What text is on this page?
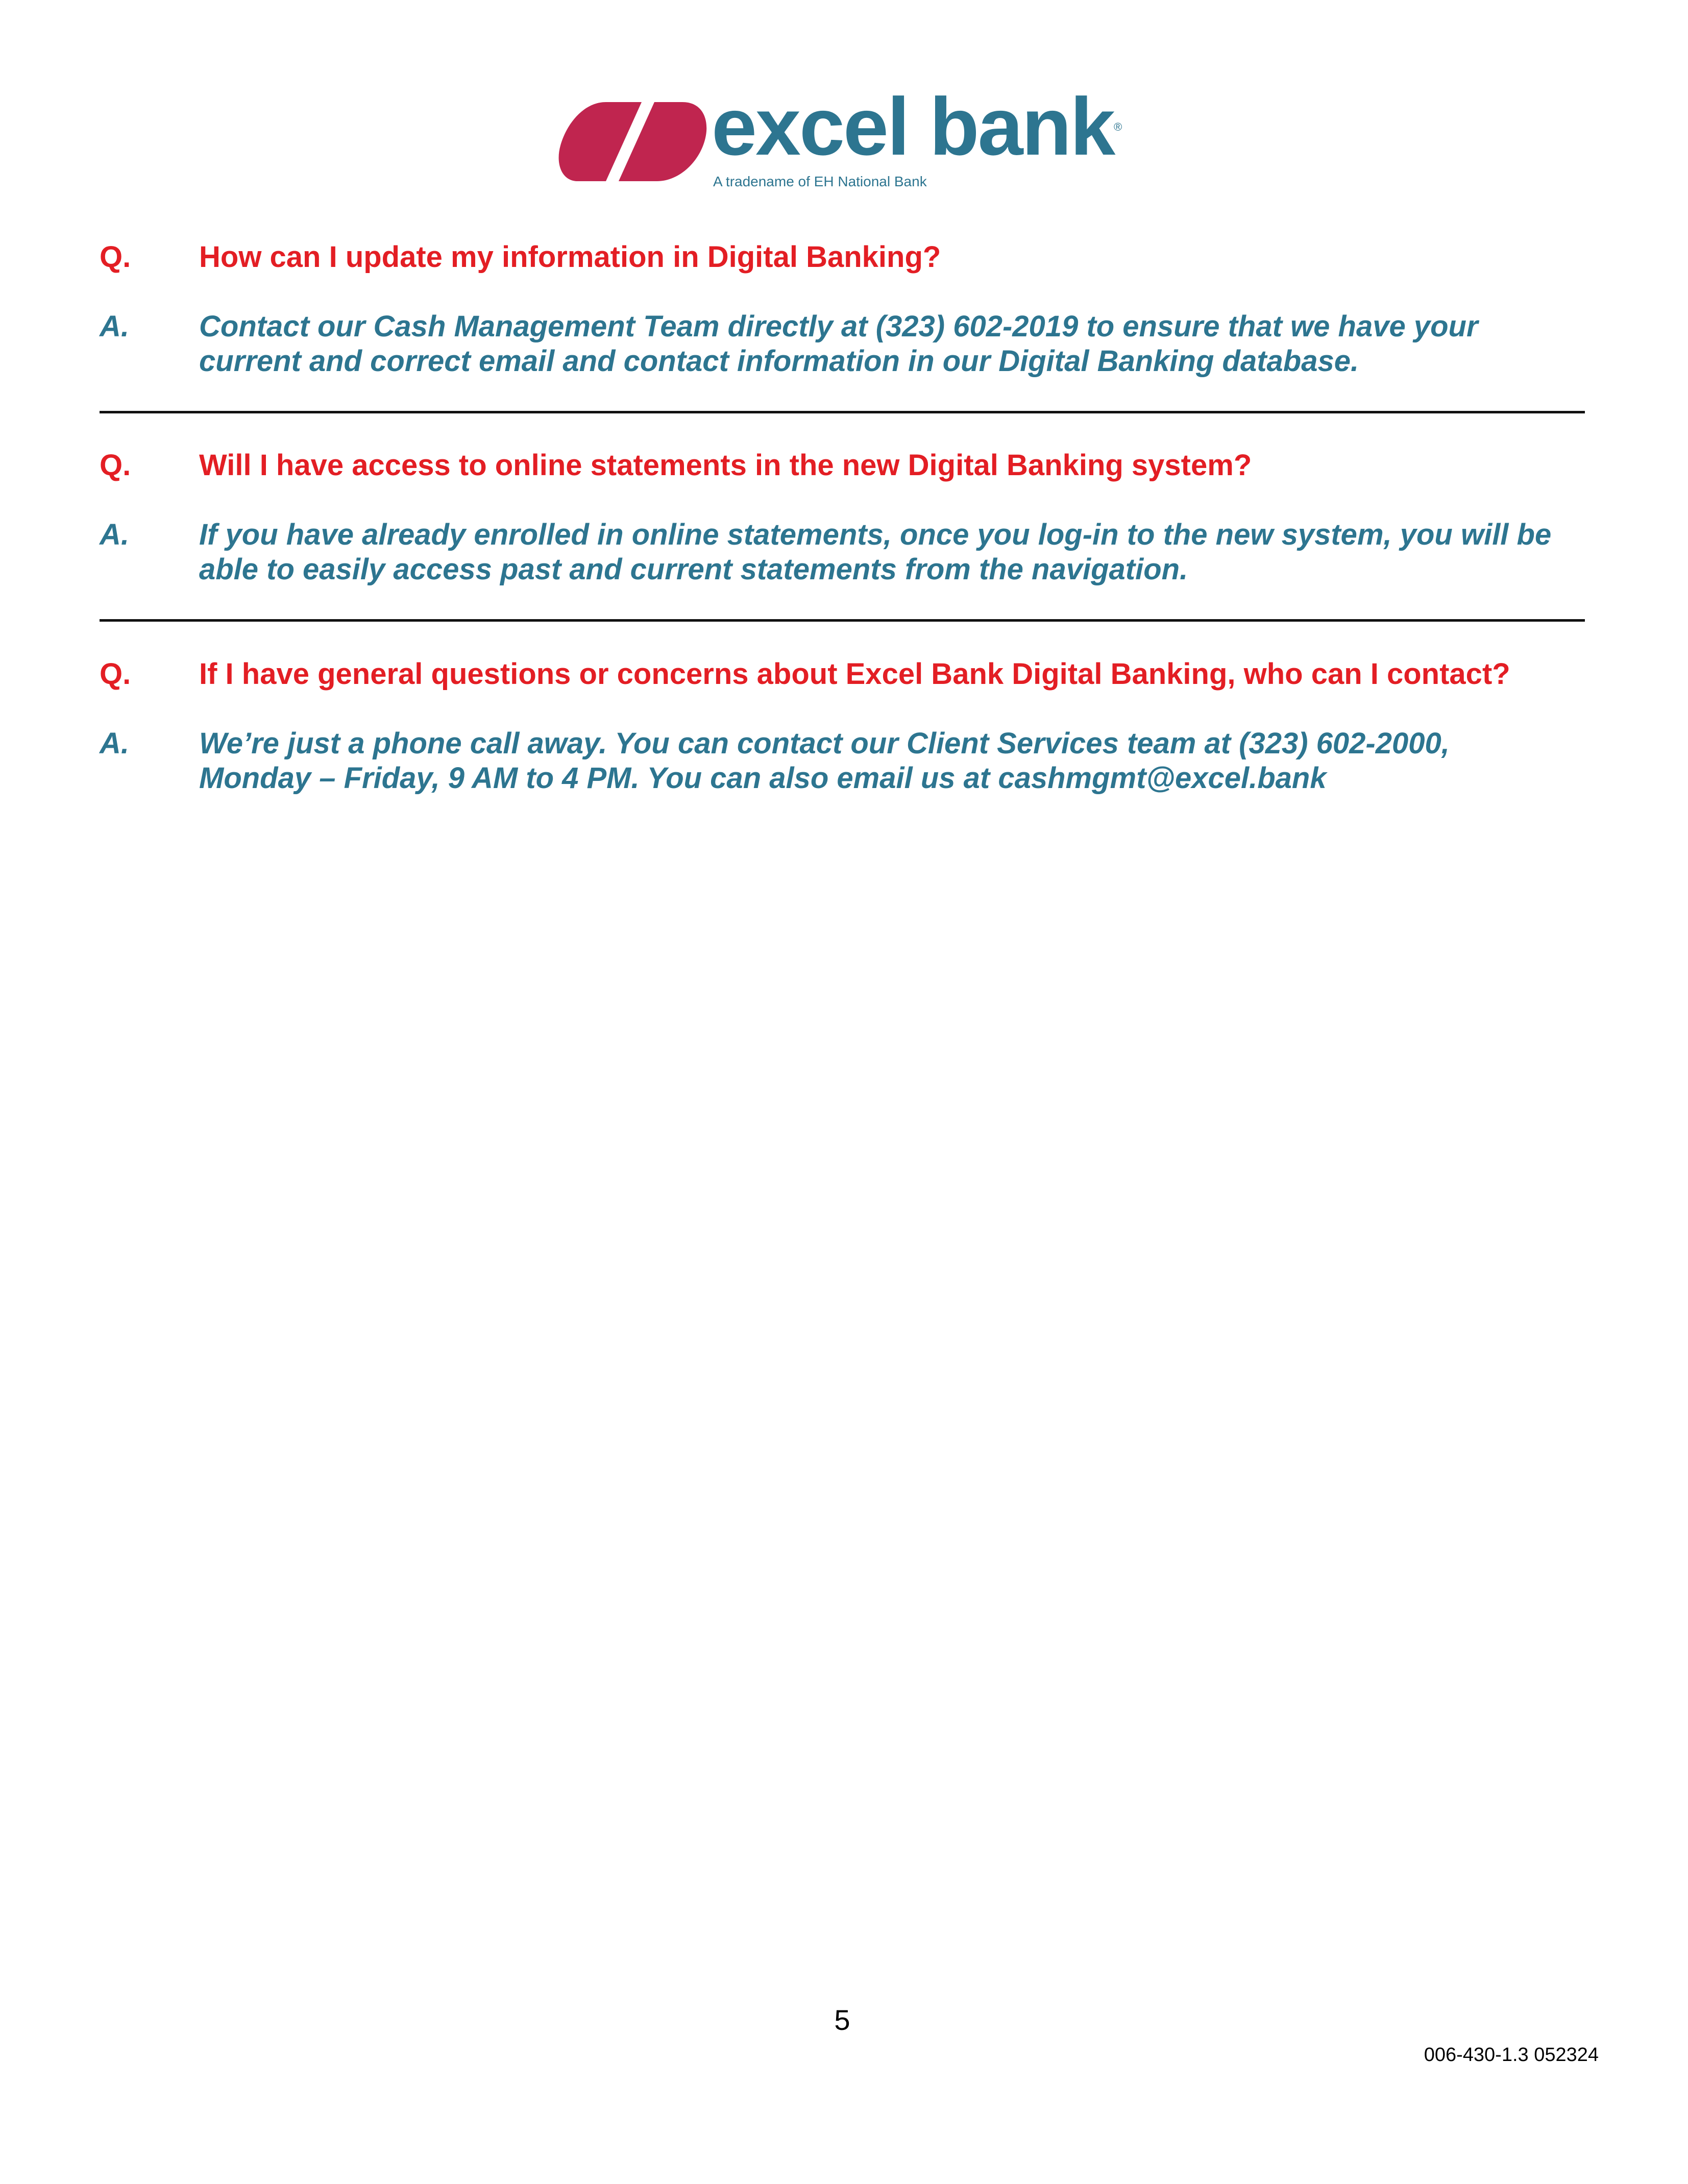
excel bank ®
A tradename of EH National Bank
Q. How can I update my information in Digital Banking?
A. Contact our Cash Management Team directly at (323) 602-2019 to ensure that we have your
current and correct email and contact information in our Digital Banking database.
Q. Will I have access to online statements in the new Digital Banking system?
A. If you have already enrolled in online statements, once you log-in to the new system, you will be
able to easily access past and current statements from the navigation.
Q. If I have general questions or concerns about Excel Bank Digital Banking, who can I contact?
A. We’re just a phone call away. You can contact our Client Services team at (323) 602-2000,
Monday – Friday, 9 AM to 4 PM. You can also email us at cashmgmt@excel.bank
5
006-430-1.3 052324
